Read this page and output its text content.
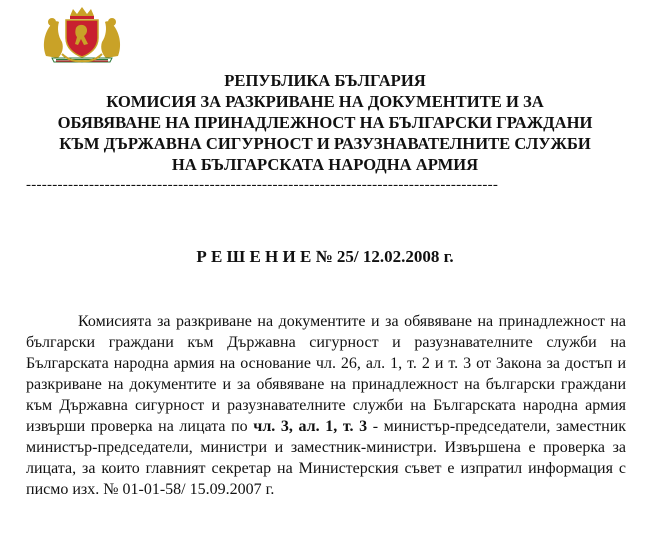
РЕПУБЛИКА БЪЛГАРИЯ
КОМИСИЯ ЗА РАЗКРИВАНЕ НА ДОКУМЕНТИТЕ И ЗА
ОБЯВЯВАНЕ НА ПРИНАДЛЕЖНОСТ НА БЪЛГАРСКИ ГРАЖДАНИ
КЪМ ДЪРЖАВНА СИГУРНОСТ И РАЗУЗНАВАТЕЛНИТЕ СЛУЖБИ
НА БЪЛГАРСКАТА НАРОДНА АРМИЯ
------------------------------------------------------------------------------------------
Р Е Ш Е Н И Е № 25/ 12.02.2008 г.
Комисията за разкриване на документите и за обявяване на принадлежност на български граждани към Държавна сигурност и разузнавателните служби на Българската народна армия на основание чл. 26, ал. 1, т. 2 и т. 3 от Закона за достъп и разкриване на документите и за обявяване на принадлежност на български граждани към Държавна сигурност и разузнавателните служби на Българската народна армия извърши проверка на лицата по чл. 3, ал. 1, т. 3 - министър-председатели, заместник министър-председатели, министри и заместник-министри. Извършена е проверка за лицата, за които главният секретар на Министерския съвет е изпратил информация с писмо изх. № 01-01-58/ 15.09.2007 г.
